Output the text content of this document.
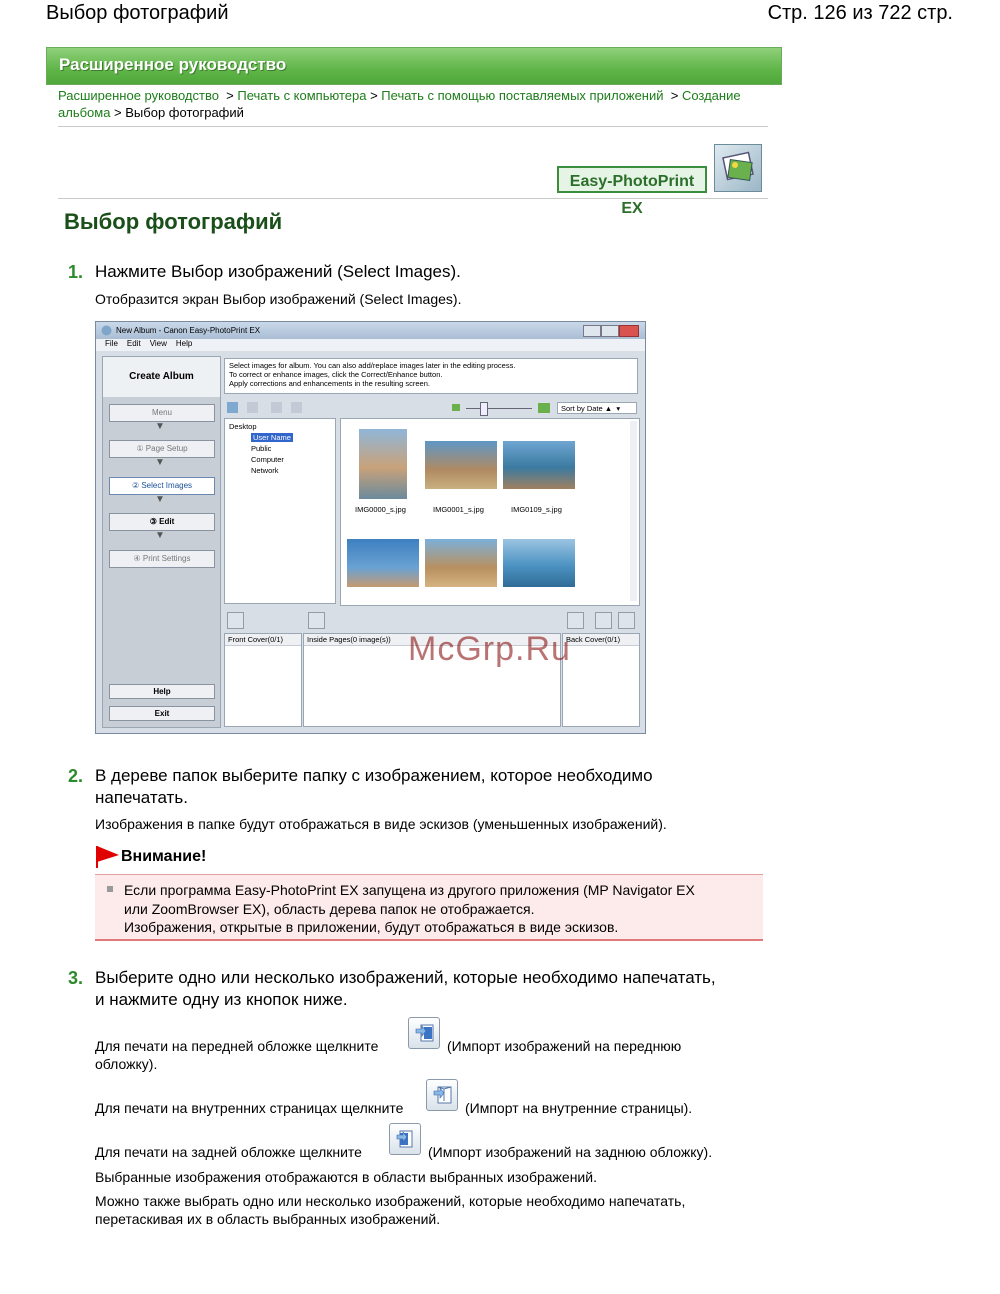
Выбор фотографий	Стр. 126 из 722 стр.
Расширенное руководство
Расширенное руководство  > Печать с компьютера > Печать с помощью поставляемых приложений  > Создание альбома > Выбор фотографий
Easy-PhotoPrint EX
Выбор фотографий
1. Нажмите Выбор изображений (Select Images).
Отобразится экран Выбор изображений (Select Images).
New Album - Canon Easy-PhotoPrint EX
File Edit View Help
Create Album
Menu
▼
① Page Setup
▼
② Select Images
▼
③ Edit
▼
④ Print Settings
Help
Exit
Select images for album. You can also add/replace images later in the editing process.
To correct or enhance images, click the Correct/Enhance button.
Apply corrections and enhancements in the resulting screen.
Sort by Date ▲  ▾
Desktop
User Name
Public
Computer
Network
IMG0000_s.jpg	IMG0001_s.jpg	IMG0109_s.jpg
Front Cover(0/1)	Inside Pages(0 image(s))	Back Cover(0/1)
McGrp.Ru
2. В дереве папок выберите папку с изображением, которое необходимо
напечатать.
Изображения в папке будут отображаться в виде эскизов (уменьшенных изображений).
Внимание!
Если программа Easy-PhotoPrint EX запущена из другого приложения (MP Navigator EX
или ZoomBrowser EX), область дерева папок не отображается.
Изображения, открытые в приложении, будут отображаться в виде эскизов.
3. Выберите одно или несколько изображений, которые необходимо напечатать,
и нажмите одну из кнопок ниже.
Для печати на передней обложке щелкните	(Импорт изображений на переднюю
обложку).
Для печати на внутренних страницах щелкните	(Импорт на внутренние страницы).
Для печати на задней обложке щелкните	(Импорт изображений на заднюю обложку).
Выбранные изображения отображаются в области выбранных изображений.
Можно также выбрать одно или несколько изображений, которые необходимо напечатать,
перетаскивая их в область выбранных изображений.
